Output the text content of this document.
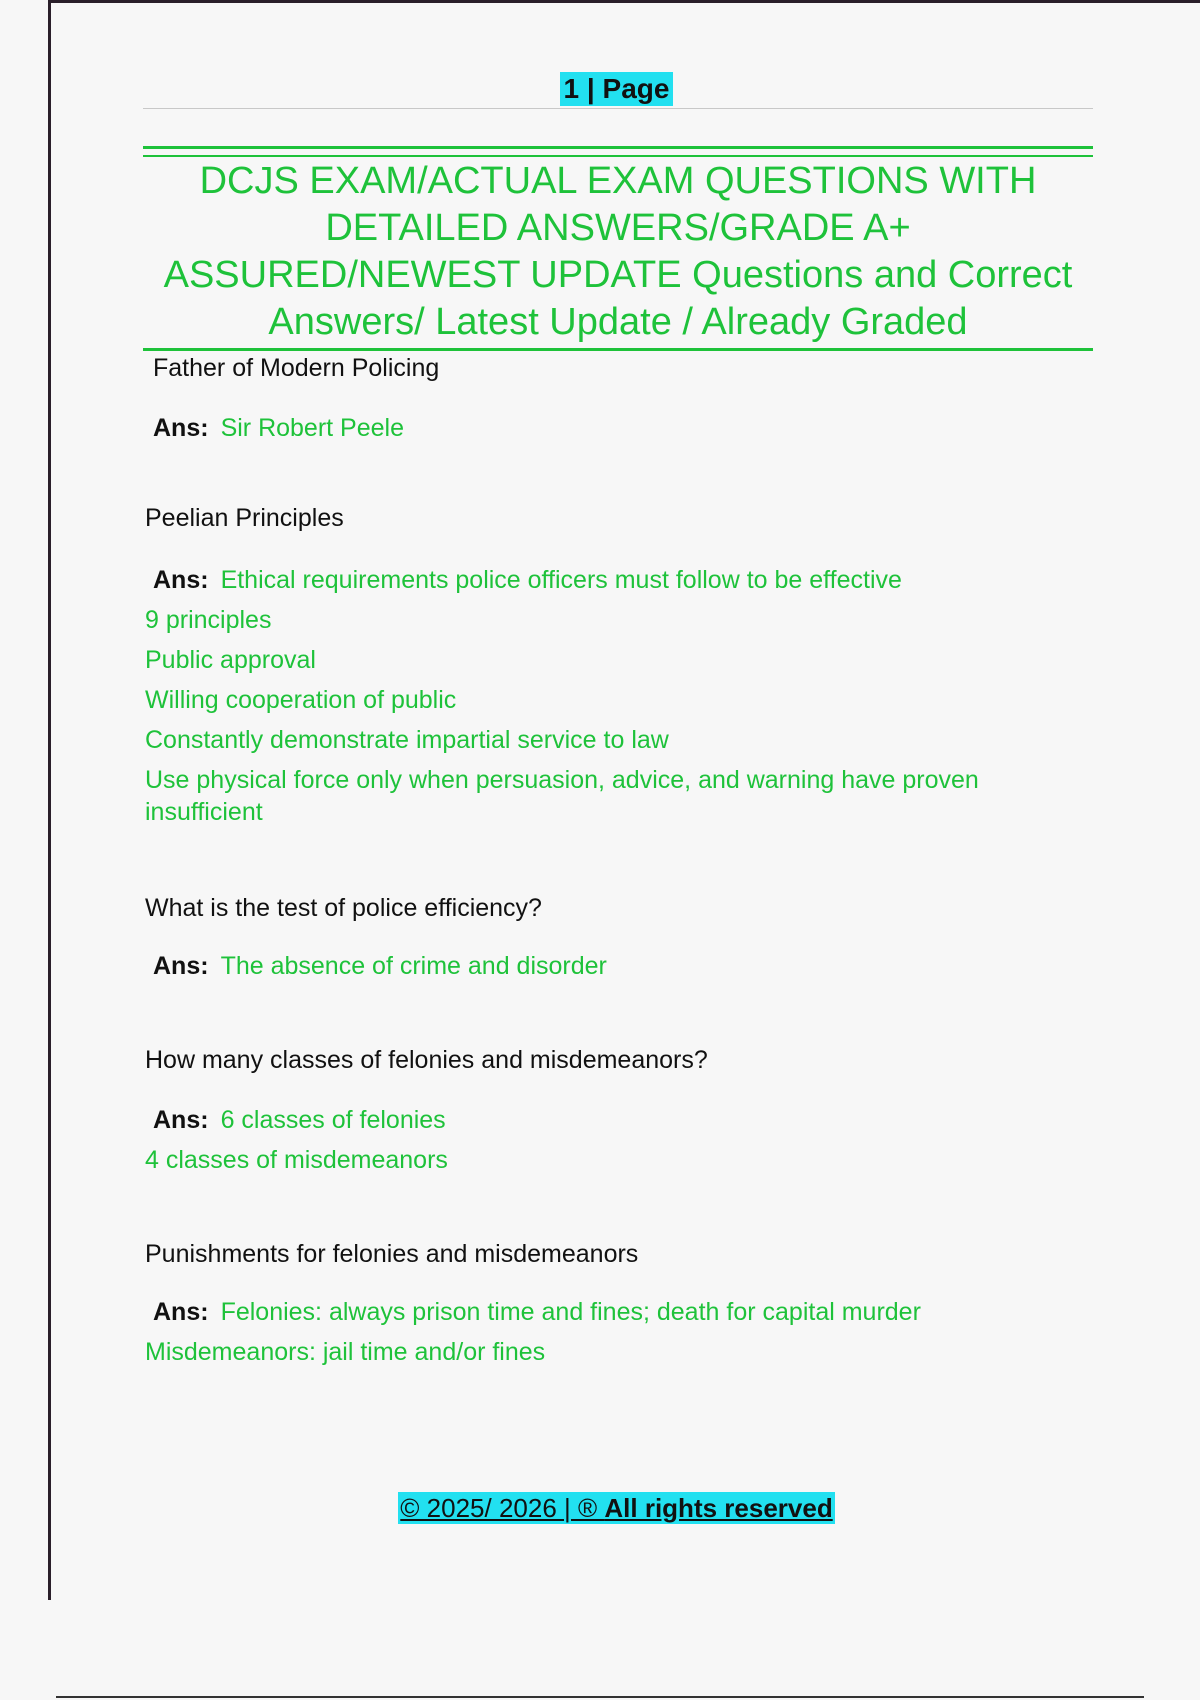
1 | Page
DCJS EXAM/ACTUAL EXAM QUESTIONS WITH DETAILED ANSWERS/GRADE A+ ASSURED/NEWEST UPDATE Questions and Correct Answers/ Latest Update / Already Graded

Father of Modern Policing

Ans: Sir Robert Peele

Peelian Principles

Ans: Ethical requirements police officers must follow to be effective

9 principles

Public approval

Willing cooperation of public

Constantly demonstrate impartial service to law

Use physical force only when persuasion, advice, and warning have proven insufficient

What is the test of police efficiency?

Ans: The absence of crime and disorder

How many classes of felonies and misdemeanors?

Ans: 6 classes of felonies

4 classes of misdemeanors

Punishments for felonies and misdemeanors

Ans: Felonies: always prison time and fines; death for capital murder

Misdemeanors: jail time and/or fines

© 2025/ 2026 | ® All rights reserved
